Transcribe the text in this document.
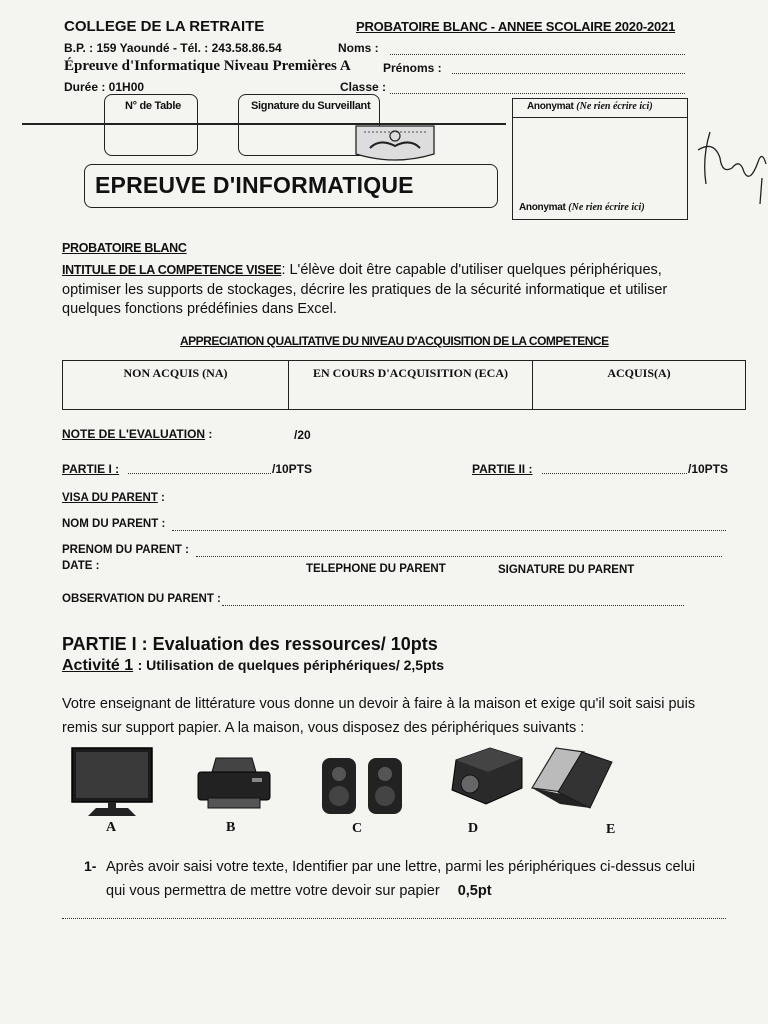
COLLEGE DE LA RETRAITE	PROBATOIRE BLANC - ANNEE SCOLAIRE 2020-2021
B.P. : 159 Yaoundé - Tél. : 243.58.86.54	Noms :
Épreuve d'Informatique Niveau Premières A	Prénoms :
Durée : 01H00	Classe :
N° de Table	Signature du Surveillant	Anonymat (Ne rien écrire ici)
Anonymat (Ne rien écrire ici)
EPREUVE D'INFORMATIQUE
PROBATOIRE BLANC
INTITULE DE LA COMPETENCE VISEE: L'élève doit être capable d'utiliser quelques périphériques,
optimiser les supports de stockages, décrire les pratiques de la sécurité informatique et utiliser
quelques fonctions prédéfinies dans Excel.
APPRECIATION QUALITATIVE DU NIVEAU D'ACQUISITION DE LA COMPETENCE
NON ACQUIS (NA)	EN COURS D'ACQUISITION (ECA)	ACQUIS(A)
NOTE DE L'EVALUATION :	/20
PARTIE I :	/10PTS	PARTIE II :	/10PTS
VISA DU PARENT :
NOM DU PARENT :
PRENOM DU PARENT :
DATE :	TELEPHONE DU PARENT	SIGNATURE DU PARENT
OBSERVATION DU PARENT :
PARTIE I : Evaluation des ressources/ 10pts
Activité 1 : Utilisation de quelques périphériques/ 2,5pts
Votre enseignant de littérature vous donne un devoir à faire à la maison et exige qu'il soit saisi puis
remis sur support papier. A la maison, vous disposez des périphériques suivants :
A	B	C	D	E
1- Après avoir saisi votre texte, Identifier par une lettre, parmi les périphériques ci-dessus celui
qui vous permettra de mettre votre devoir sur papier 0,5pt
